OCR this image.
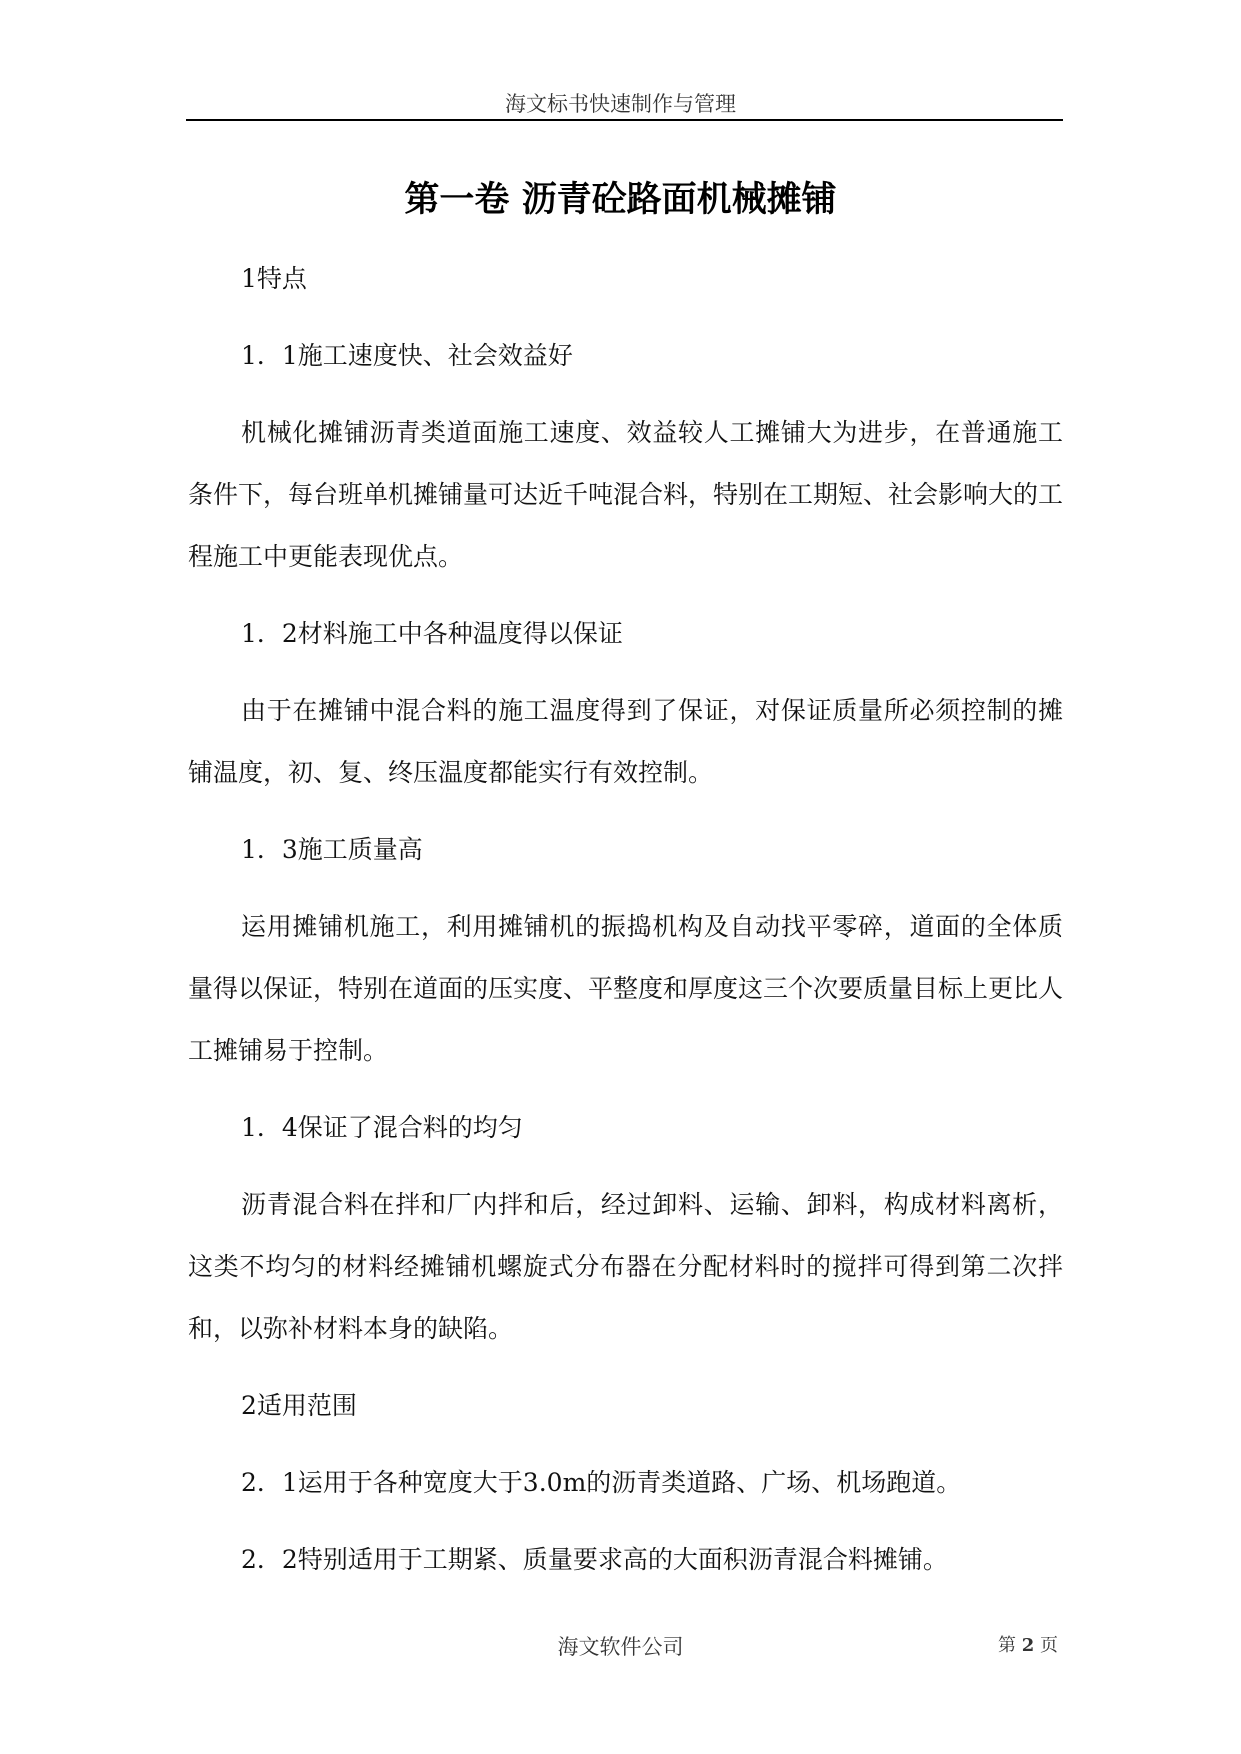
海文标书快速制作与管理
第一卷 沥青砼路面机械摊铺

1特点

1．1施工速度快、社会效益好

机械化摊铺沥青类道面施工速度、效益较人工摊铺大为进步，在普通施工条件下，每台班单机摊铺量可达近千吨混合料，特别在工期短、社会影响大的工程施工中更能表现优点。

1．2材料施工中各种温度得以保证

由于在摊铺中混合料的施工温度得到了保证，对保证质量所必须控制的摊铺温度，初、复、终压温度都能实行有效控制。

1．3施工质量高

运用摊铺机施工，利用摊铺机的振捣机构及自动找平零碎，道面的全体质量得以保证，特别在道面的压实度、平整度和厚度这三个次要质量目标上更比人工摊铺易于控制。

1．4保证了混合料的均匀

沥青混合料在拌和厂内拌和后，经过卸料、运输、卸料，构成材料离析，这类不均匀的材料经摊铺机螺旋式分布器在分配材料时的搅拌可得到第二次拌和，以弥补材料本身的缺陷。

2适用范围

2．1运用于各种宽度大于3.0m的沥青类道路、广场、机场跑道。

2．2特别适用于工期紧、质量要求高的大面积沥青混合料摊铺。

海文软件公司	第 2 页
